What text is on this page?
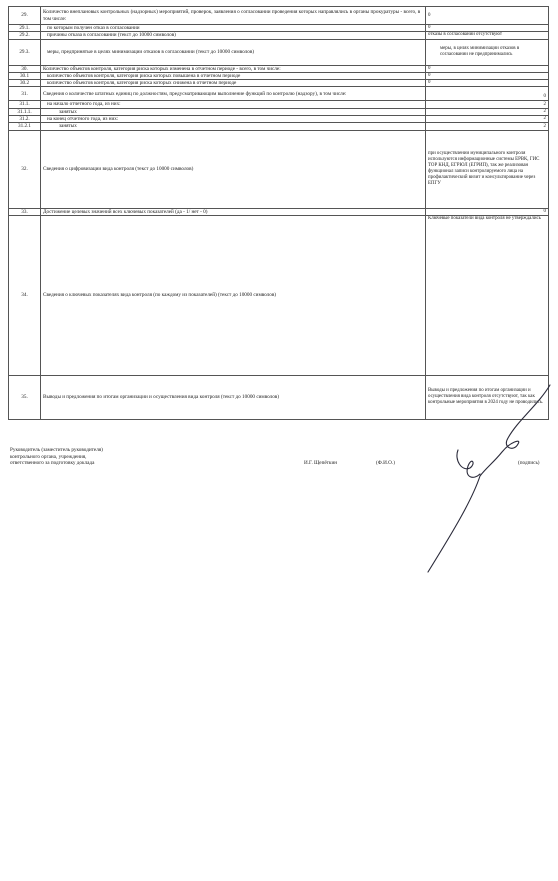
29.	Количество внеплановых контрольных (надзорных) мероприятий, проверок, заявления о согласовании проведения которых направлялись в органы прокуратуры - всего, в том числе:	0
29.1.	по которым получен отказ в согласовании	0
29.2.	причины отказа в согласовании (текст до 10000 символов)	отказы в согласовании отсутствуют
29.3.	меры, предпринятые в целях минимизации отказов в согласовании (текст до 10000 символов)	меры, в целях минимизации отказов в согласовании не предпринимались
30.	Количество объектов контроля, категория риска которых изменена в отчетном периоде - всего, в том числе:	0
30.1	количество объектов контроля, категория риска которых повышена в отчетном периоде	0
30.2	количество объектов контроля, категория риска которых снижена в отчетном периоде	0
31.	Сведения о количестве штатных единиц по должностям, предусматривающим выполнение функций по контролю (надзору), в том числе:	0
31.1.	на начало отчетного года, из них:	2
31.1.1.	занятых	2
31.2.	на конец отчетного года, из них:	2
31.2.1	занятых	2
32.	Сведения о цифровизации вида контроля (текст до 10000 символов)	при осуществлении муниципального контроля используются информационные системы ЕРВК, ГИС ТОР КНД, ЕГРЮЛ (ЕГРИП), так же реализован функционал записи контролируемого лица на профилактический визит и консультирование через ЕПГУ
33.	Достижение целевых значений всех ключевых показателей (да - 1/ нет - 0)	0
34.	Сведения о ключевых показателях вида контроля (по каждому из показателей) (текст до 10000 символов)	Ключевые показатели вида контроля не утверждались
35.	Выводы и предложения по итогам организации и осуществления вида контроля (текст до 10000 символов)	Выводы и предложения по итогам организации и осуществления вида контроля отсутствуют, так как контрольные мероприятия в 2024 году не проводились.
Руководитель (заместитель руководителя)
контрольного органа, учреждения,
ответственного за подготовку доклада	И.Г. Щепёткин	(Ф.И.О.)	(подпись)
